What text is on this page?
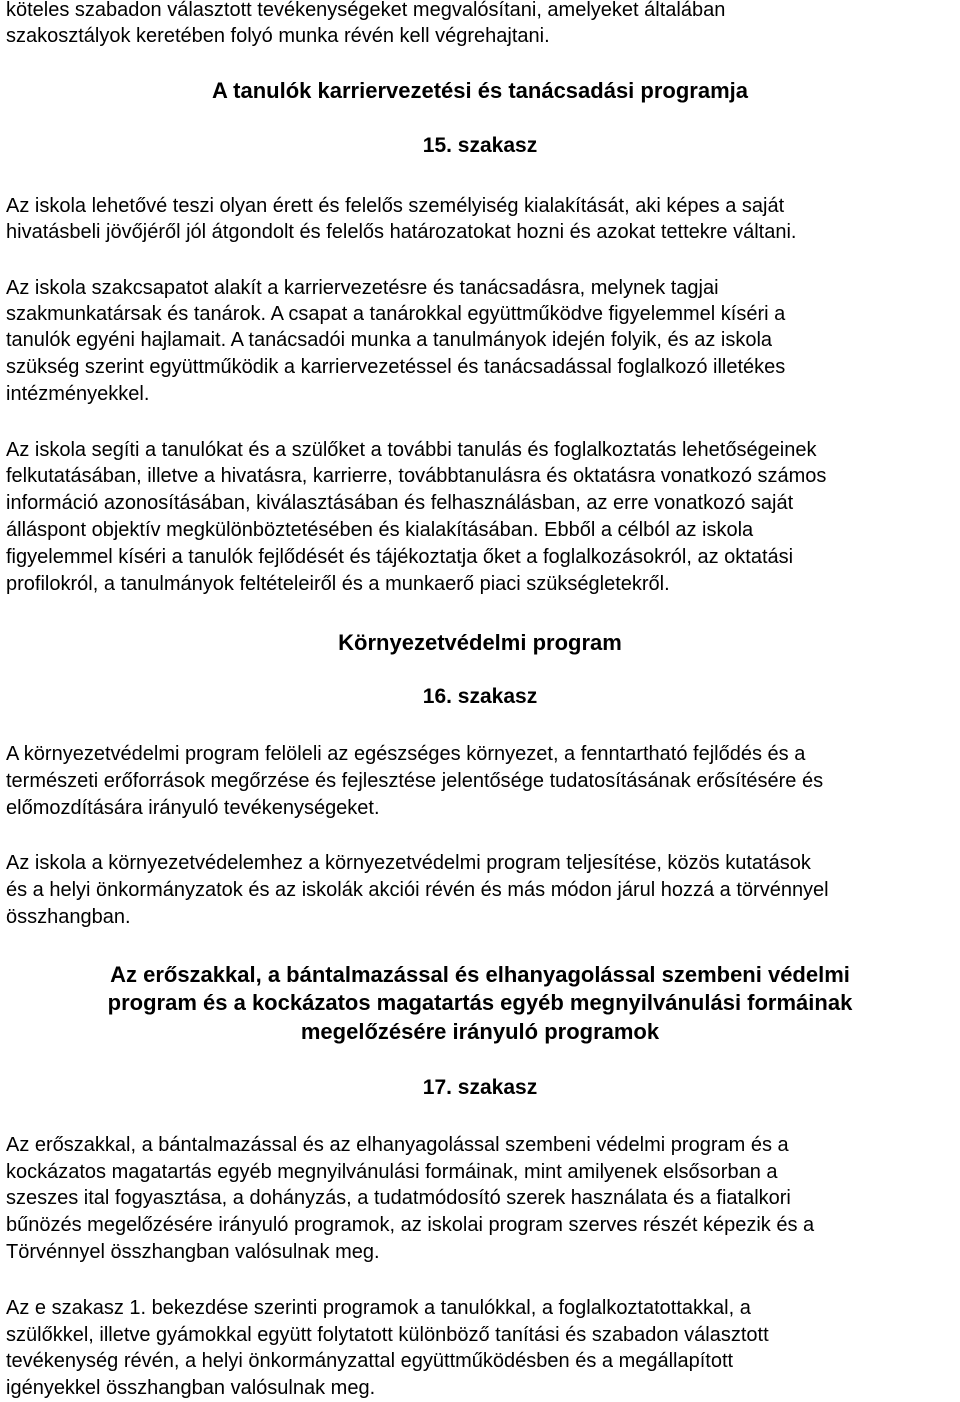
köteles szabadon választott tevékenységeket megvalósítani, amelyeket általában

szakosztályok keretében folyó munka révén kell végrehajtani.

A tanulók karriervezetési és tanácsadási programja

15. szakasz

Az iskola lehetővé teszi olyan érett és felelős személyiség kialakítását, aki képes a saját

hivatásbeli jövőjéről jól átgondolt és felelős határozatokat hozni és azokat tettekre váltani.

Az iskola szakcsapatot alakít a karriervezetésre és tanácsadásra, melynek tagjai

szakmunkatársak és tanárok. A csapat a tanárokkal együttműködve figyelemmel kíséri a

tanulók egyéni hajlamait. A tanácsadói munka a tanulmányok idején folyik, és az iskola

szükség szerint együttműködik a karriervezetéssel és tanácsadással foglalkozó illetékes

intézményekkel.

Az iskola segíti a tanulókat és a szülőket a további tanulás és foglalkoztatás lehetőségeinek

felkutatásában, illetve a hivatásra, karrierre, továbbtanulásra és oktatásra vonatkozó számos

információ azonosításában, kiválasztásában és felhasználásban, az erre vonatkozó saját

álláspont objektív megkülönböztetésében és kialakításában. Ebből a célból az iskola

figyelemmel kíséri a tanulók fejlődését és tájékoztatja őket a foglalkozásokról, az oktatási

profilokról, a tanulmányok feltételeiről és a munkaerő piaci szükségletekről.

Környezetvédelmi program

16. szakasz

A környezetvédelmi program felöleli az egészséges környezet, a fenntartható fejlődés és a

természeti erőforrások megőrzése és fejlesztése jelentősége tudatosításának erősítésére és

előmozdítására irányuló tevékenységeket.

Az iskola a környezetvédelemhez a környezetvédelmi program teljesítése, közös kutatások

és a helyi önkormányzatok és az iskolák akciói révén és más módon járul hozzá a törvénnyel

összhangban.

Az erőszakkal, a bántalmazással és elhanyagolással szembeni védelmi

program és a kockázatos magatartás egyéb megnyilvánulási formáinak

megelőzésére irányuló programok

17. szakasz

Az erőszakkal, a bántalmazással és az elhanyagolással szembeni védelmi program és a

kockázatos magatartás egyéb megnyilvánulási formáinak, mint amilyenek elsősorban a

szeszes ital fogyasztása, a dohányzás, a tudatmódosító szerek használata és a fiatalkori

bűnözés megelőzésére irányuló programok, az iskolai program szerves részét képezik és a

Törvénnyel összhangban valósulnak meg.

Az e szakasz 1. bekezdése szerinti programok a tanulókkal, a foglalkoztatottakkal, a

szülőkkel, illetve gyámokkal együtt folytatott különböző tanítási és szabadon választott

tevékenység révén, a helyi önkormányzattal együttműködésben és a megállapított

igényekkel összhangban valósulnak meg.
